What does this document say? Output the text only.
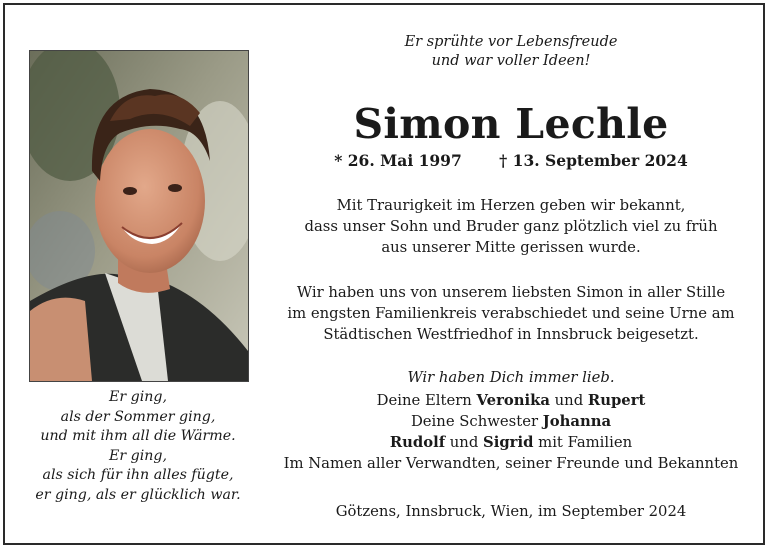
Er ging,
als der Sommer ging,
und mit ihm all die Wärme.
Er ging,
als sich für ihn alles fügte,
er ging, als er glücklich war.
Er sprühte vor Lebensfreude
und war voller Ideen!
Simon Lechle
* 26. Mai 1997 † 13. September 2024
Mit Traurigkeit im Herzen geben wir bekannt,
dass unser Sohn und Bruder ganz plötzlich viel zu früh
aus unserer Mitte gerissen wurde.
Wir haben uns von unserem liebsten Simon in aller Stille
im engsten Familienkreis verabschiedet und seine Urne am
Städtischen Westfriedhof in Innsbruck beigesetzt.
Wir haben Dich immer lieb.
Deine Eltern Veronika und Rupert
Deine Schwester Johanna
Rudolf und Sigrid mit Familien
Im Namen aller Verwandten, seiner Freunde und Bekannten
Götzens, Innsbruck, Wien, im September 2024
